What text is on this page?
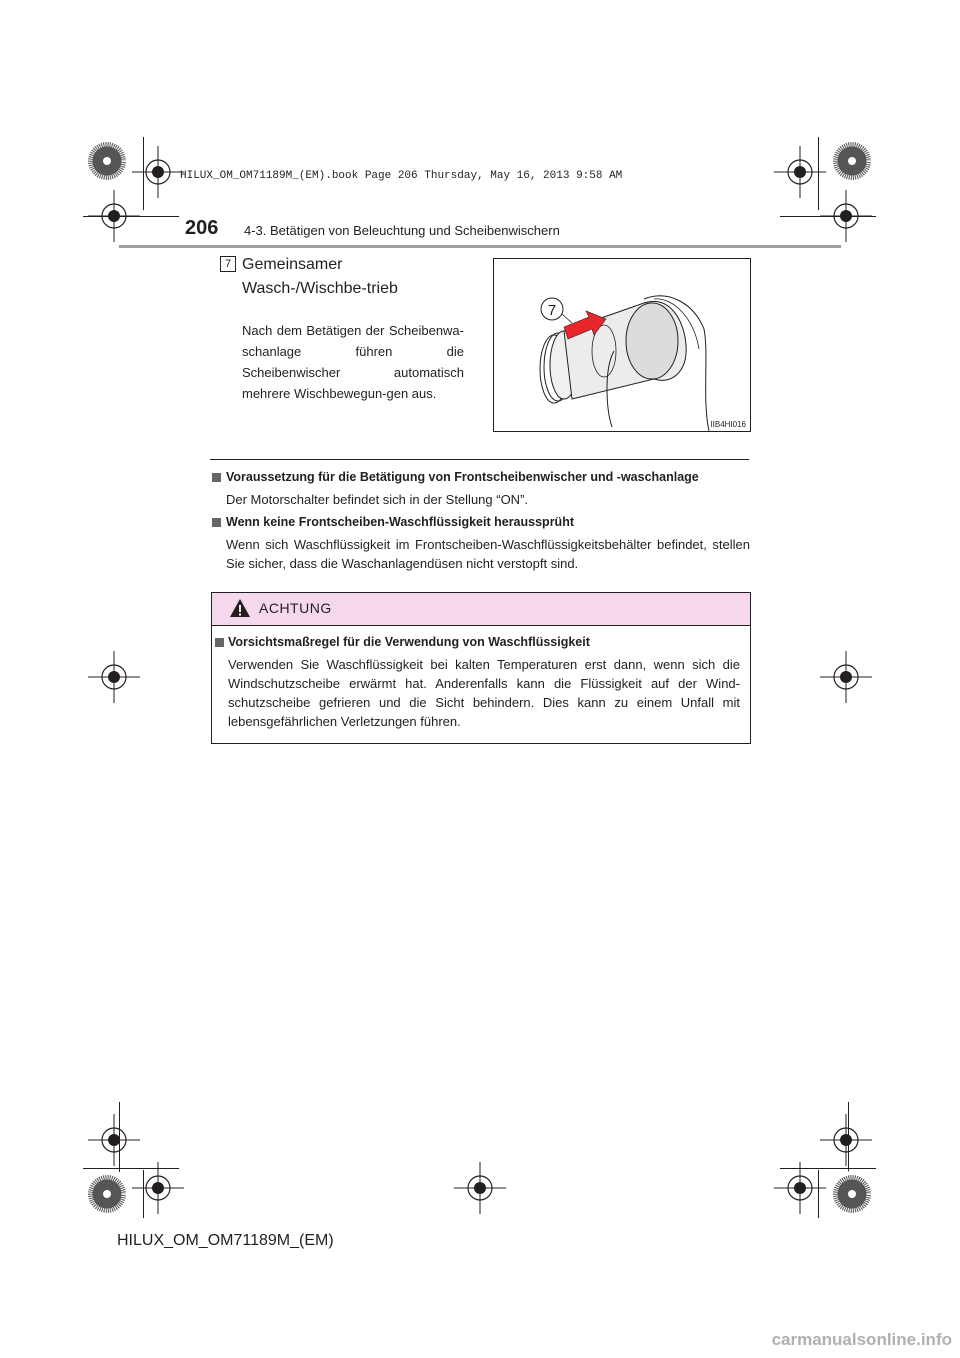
HILUX_OM_OM71189M_(EM).book Page 206 Thursday, May 16, 2013 9:58 AM
206 4-3. Betätigen von Beleuchtung und Scheibenwischern
7 Gemeinsamer Wasch-/Wischbe-trieb
Nach dem Betätigen der Scheibenwa-schanlage führen die Scheibenwischer automatisch mehrere Wischbewegun-gen aus.
7
IIB4HI016
Voraussetzung für die Betätigung von Frontscheibenwischer und -waschanlage
Der Motorschalter befindet sich in der Stellung “ON”.
Wenn keine Frontscheiben-Waschflüssigkeit heraussprüht
Wenn sich Waschflüssigkeit im Frontscheiben-Waschflüssigkeitsbehälter befindet, stellen Sie sicher, dass die Waschanlagendüsen nicht verstopft sind.
ACHTUNG
Vorsichtsmaßregel für die Verwendung von Waschflüssigkeit
Verwenden Sie Waschflüssigkeit bei kalten Temperaturen erst dann, wenn sich die Windschutzscheibe erwärmt hat. Anderenfalls kann die Flüssigkeit auf der Wind-schutzscheibe gefrieren und die Sicht behindern. Dies kann zu einem Unfall mit lebensgefährlichen Verletzungen führen.
HILUX_OM_OM71189M_(EM)
carmanualsonline.info
